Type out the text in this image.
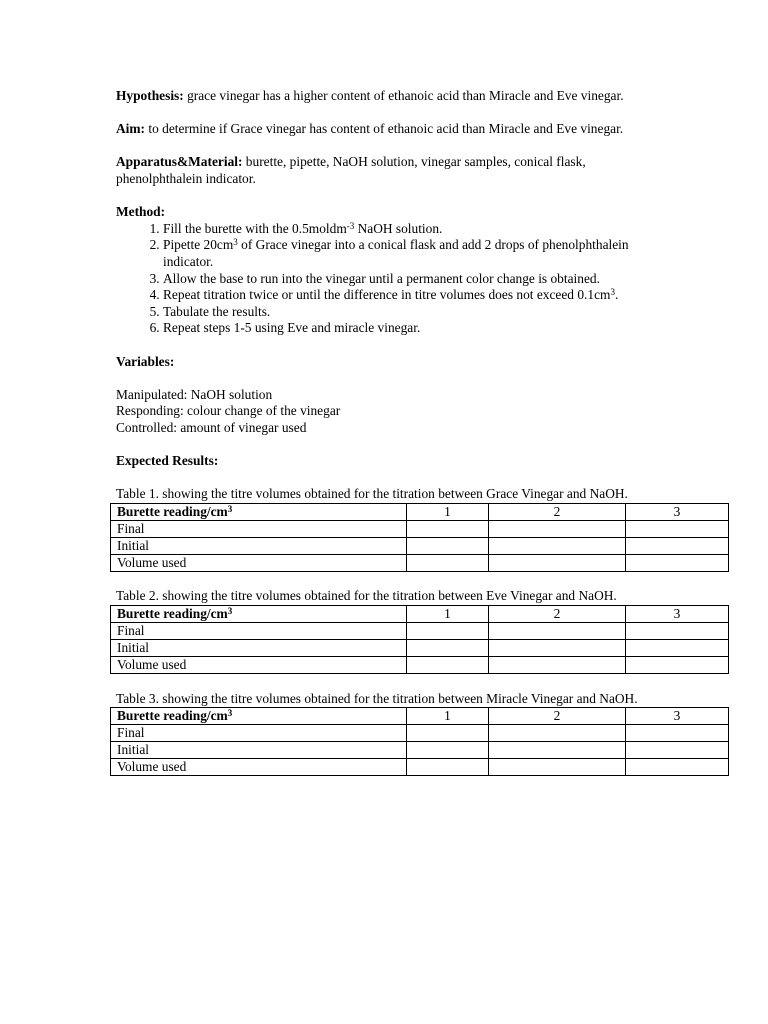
Hypothesis: grace vinegar has a higher content of ethanoic acid than Miracle and Eve vinegar.

Aim: to determine if Grace vinegar has content of ethanoic acid than Miracle and Eve vinegar.

Apparatus&Material: burette, pipette, NaOH solution, vinegar samples, conical flask, phenolphthalein indicator.

Method:
1. Fill the burette with the 0.5moldm$^{-3}$ NaOH solution.
2. Pipette $20cm^3$ of Grace vinegar into a conical flask and add 2 drops of phenolphthalein indicator.
3. Allow the base to run into the vinegar until a permanent color change is obtained.
4. Repeat titration twice or until the difference in titre volumes does not exceed $0.1cm^3$.
5. Tabulate the results.
6. Repeat steps 1-5 using Eve and miracle vinegar.
Variables:
Manipulated: NaOH solution
Responding: colour change of the vinegar
Controlled: amount of vinegar used
Expected Results:

Table 1. showing the titre volumes obtained for the titration between Grace Vinegar and NaOH.

Burette reading/$cm^3$	1	2	3
Final			
Initial			
Volume used			

Table 2. showing the titre volumes obtained for the titration between Eve Vinegar and NaOH.

Burette reading/$cm^3$	1	2	3
Final			
Initial			
Volume used			

Table 3. showing the titre volumes obtained for the titration between Miracle Vinegar and NaOH.

Burette reading/$cm^3$	1	2	3
Final			
Initial			
Volume used			
